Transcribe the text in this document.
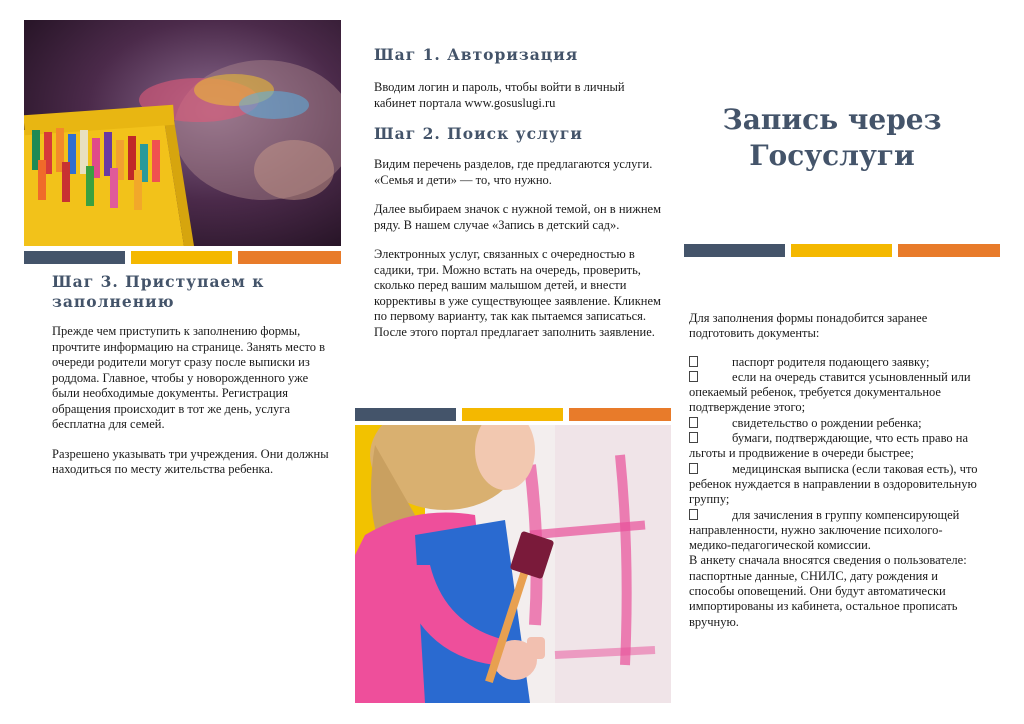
Шаг 3. Приступаем к заполнению

Прежде чем приступить к заполнению формы, прочтите информацию на странице. Занять место в очереди родители могут сразу после выписки из роддома. Главное, чтобы у новорожденного уже были необходимые документы. Регистрация обращения происходит в тот же день, услуга бесплатна для семей.

Разрешено указывать три учреждения. Они должны находиться по месту жительства ребенка.

Шаг 1. Авторизация
Вводим логин и пароль, чтобы войти в личный кабинет портала www.gosuslugi.ru
Шаг 2. Поиск услуги

Видим перечень разделов, где предлагаются услуги. «Семья и дети» — то, что нужно.

Далее выбираем значок с нужной темой, он в нижнем ряду. В нашем случае «Запись в детский сад».

Электронных услуг, связанных с очередностью в садики, три. Можно встать на очередь, проверить, сколько перед вашим малышом детей, и внести коррективы в уже существующее заявление. Кликнем по первому варианту, так как пытаемся записаться. После этого портал предлагает заполнить заявление.

Запись через
Госуслуги

Для заполнения формы понадобится заранее подготовить документы:

паспорт родителя подающего заявку;
если на очередь ставится усыновленный или опекаемый ребенок, требуется документальное подтверждение этого;
свидетельство о рождении ребенка;
бумаги, подтверждающие, что есть право на льготы и продвижение в очереди быстрее;
медицинская выписка (если таковая есть), что ребенок нуждается в направлении в оздоровительную группу;
для зачисления в группу компенсирующей направленности, нужно заключение психолого-медико-педагогической комиссии.

В анкету сначала вносятся сведения о пользователе: паспортные данные, СНИЛС, дату рождения и способы оповещений. Они будут автоматически импортированы из кабинета, остальное прописать вручную.
